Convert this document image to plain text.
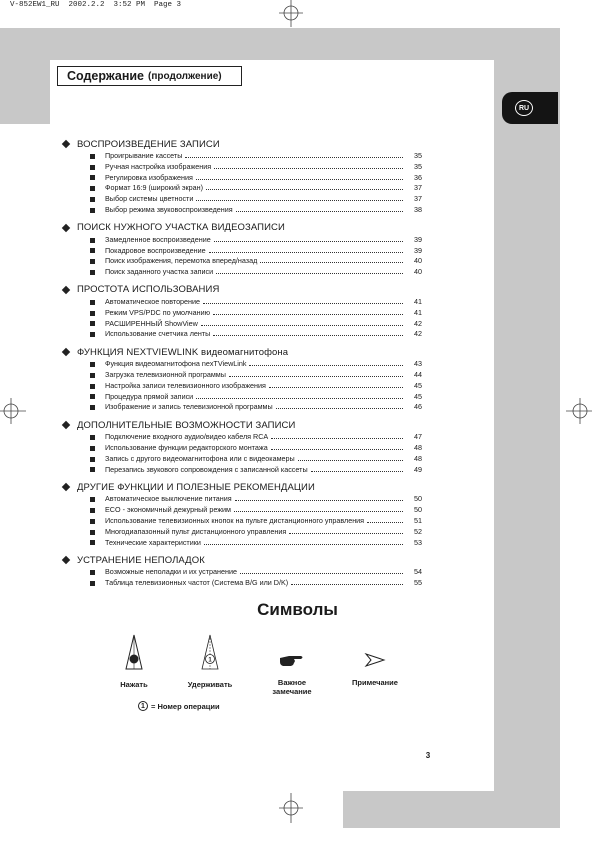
V-852EW1_RU  2002.2.2  3:52 PM  Page 3
Содержание (продолжение)
RU
ВОСПРОИЗВЕДЕНИЕ ЗАПИСИ
Проигрывание кассеты	35
Ручная настройка изображения	35
Регулировка изображения	36
Формат 16:9 (широкий экран)	37
Выбор системы цветности	37
Выбор режима звуковоспроизведения	38
ПОИСК НУЖНОГО УЧАСТКА ВИДЕОЗАПИСИ
Замедленное воспроизведение	39
Покадровое воспроизведение	39
Поиск изображения, перемотка вперед/назад	40
Поиск заданного участка записи	40
ПРОСТОТА ИСПОЛЬЗОВАНИЯ
Автоматическое повторение	41
Режим VPS/PDC по умолчанию	41
РАСШИРЕННЫЙ ShowView	42
Использование счетчика ленты	42
ФУНКЦИЯ NEXTVIEWLINK видеомагнитофона
Функция видеомагнитофона nexTViewLink	43
Загрузка телевизионной программы	44
Настройка записи телевизионного изображения	45
Процедура прямой записи	45
Изображение и запись телевизионной программы	46
ДОПОЛНИТЕЛЬНЫЕ ВОЗМОЖНОСТИ ЗАПИСИ
Подключение входного аудио/видео кабеля RCA	47
Использование функции редакторского монтажа	48
Запись с другого видеомагнитофона или с видеокамеры	48
Перезапись звукового сопровождения с записанной кассеты	49
ДРУГИЕ ФУНКЦИИ И ПОЛЕЗНЫЕ РЕКОМЕНДАЦИИ
Автоматическое выключение питания	50
ECO - экономичный дежурный режим	50
Использование телевизионных кнопок на пульте дистанционного управления	51
Многодиапазонный пульт дистанционного управления	52
Технические характеристики	53
УСТРАНЕНИЕ НЕПОЛАДОК
Возможные неполадки и их устранение	54
Таблица телевизионных частот (Система B/G или D/K)	55
Символы
Нажать
1
Удерживать	Важное
замечание
Примечание
1 = Номер операции
3
